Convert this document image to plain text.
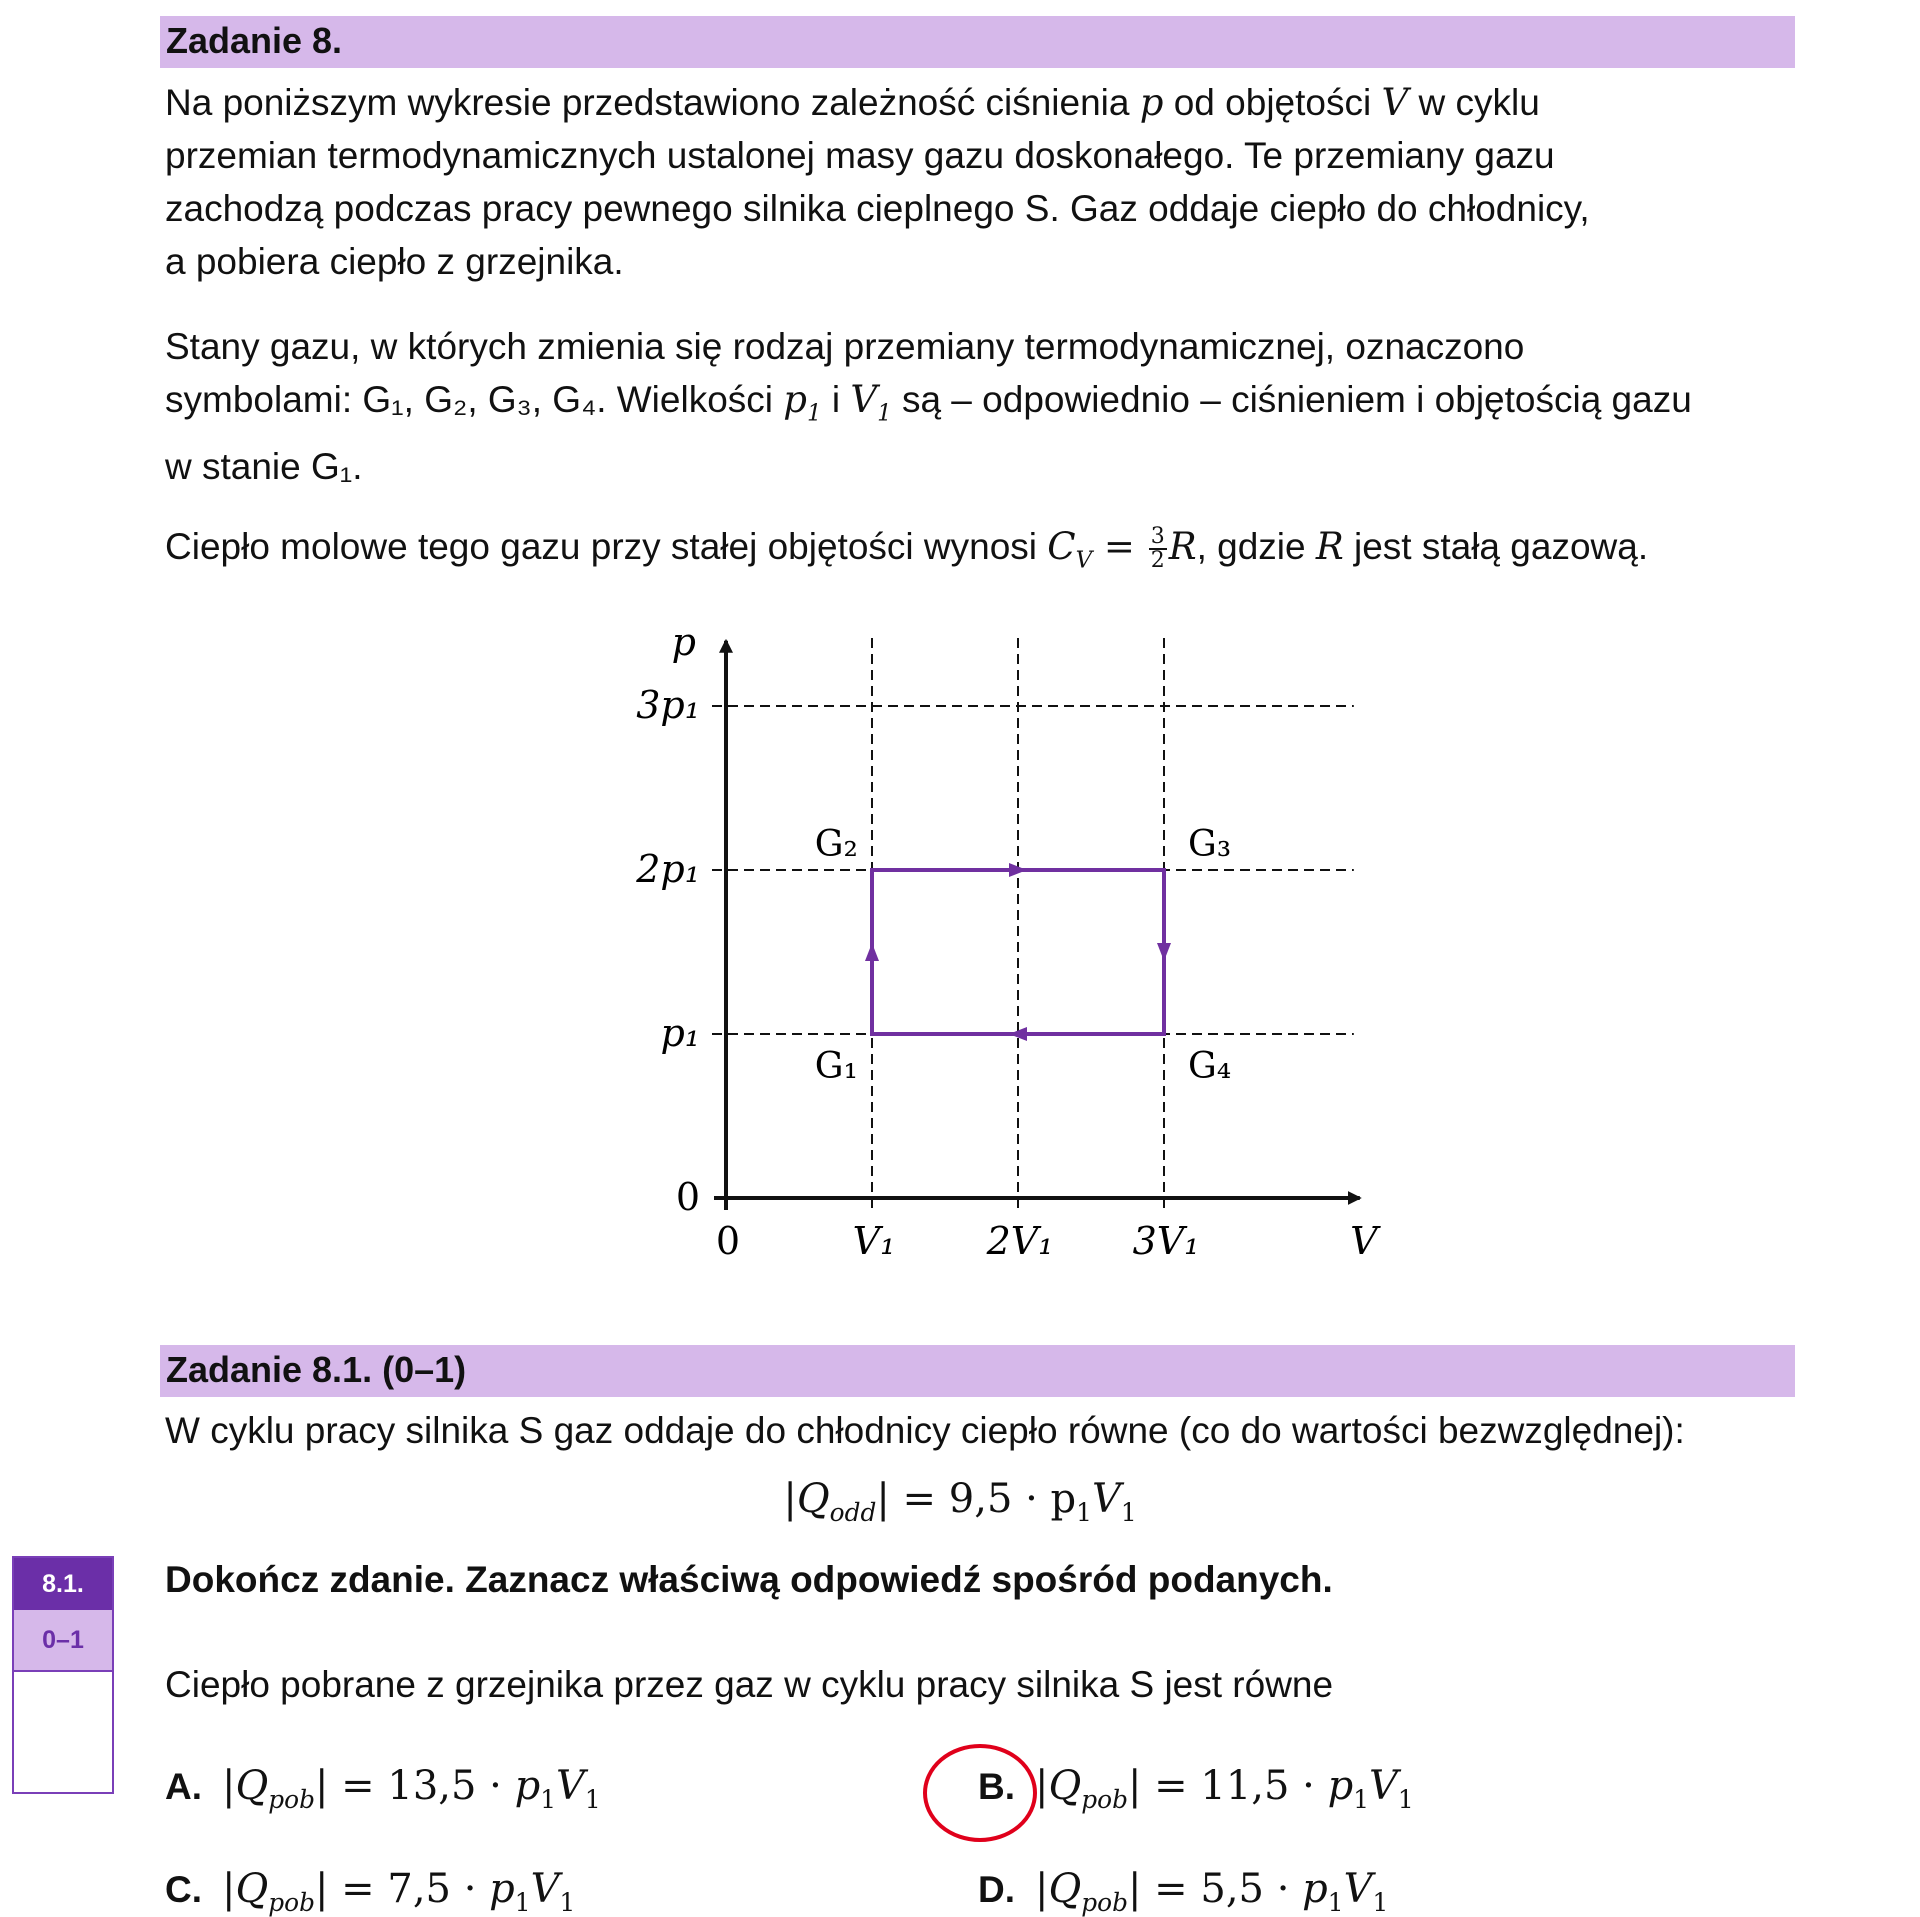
Zadanie 8.

Na poniższym wykresie przedstawiono zależność ciśnienia p od objętości V w cyklu
przemian termodynamicznych ustalonej masy gazu doskonałego. Te przemiany gazu
zachodzą podczas pracy pewnego silnika cieplnego S. Gaz oddaje ciepło do chłodnicy,
a pobiera ciepło z grzejnika.

Stany gazu, w których zmienia się rodzaj przemiany termodynamicznej, oznaczono
symbolami: G₁, G₂, G₃, G₄. Wielkości $p_1$ i $V_1$ są – odpowiednio – ciśnieniem i objętością gazu
w stanie G₁.

Ciepło molowe tego gazu przy stałej objętości wynosi $C_V = \frac{3}{2} R$, gdzie R jest stałą gazową.

0
p₁
2p₁
3p₁
0	V₁ 2V₁ 3V₁
p
V
G₁
G₂	G₃
G₄
Zadanie 8.1. (0–1)

W cyklu pracy silnika S gaz oddaje do chłodnicy ciepło równe (co do wartości bezwzględnej):

$|Q_{odd}| = 9,5 \cdot p_1V_1$
8.1.
0–1

Dokończ zdanie. Zaznacz właściwą odpowiedź spośród podanych.

Ciepło pobrane z grzejnika przez gaz w cyklu pracy silnika S jest równe

A. $|Q_{pob}| = 13,5 \cdot p_1V_1$	B. $|Q_{pob}| = 11,5 \cdot p_1V_1$
C. $|Q_{pob}| = 7,5 \cdot p_1V_1$	D. $|Q_{pob}| = 5,5 \cdot p_1V_1$
